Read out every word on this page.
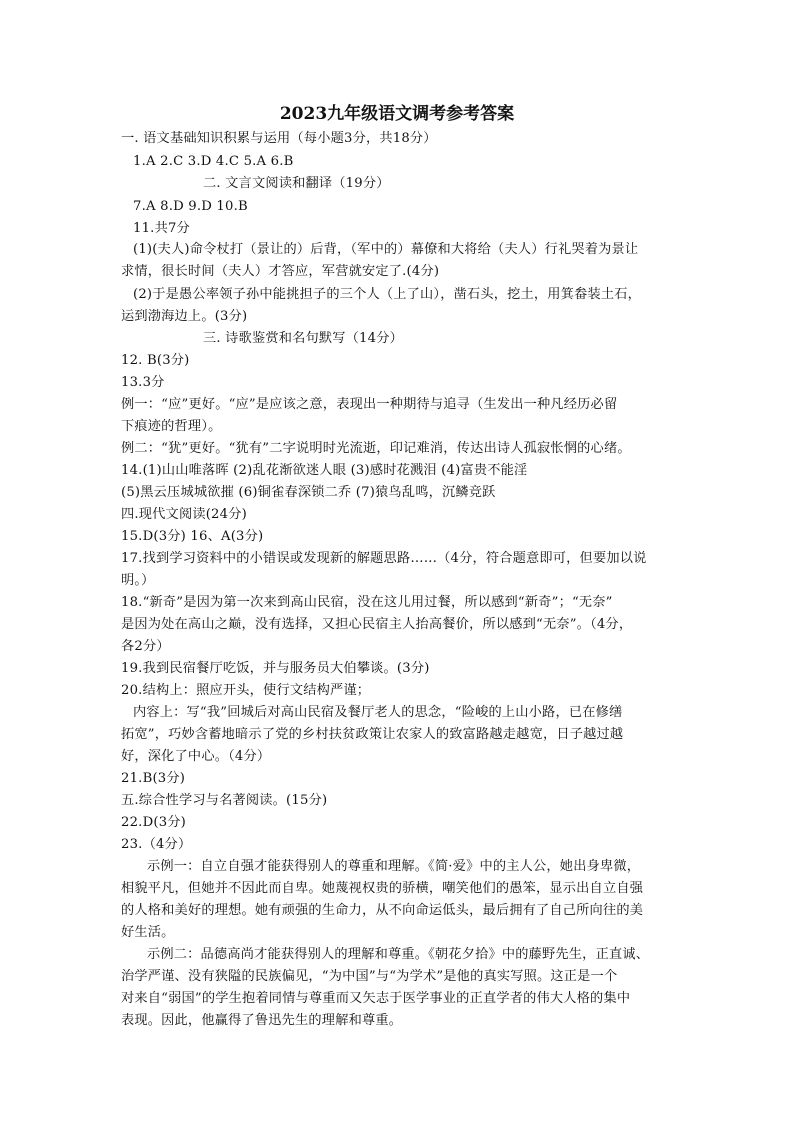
2023九年级语文调考参考答案
一. 语文基础知识积累与运用（每小题3分，共18分）
1.A 2.C 3.D 4.C 5.A 6.B
二. 文言文阅读和翻译（19分）
7.A 8.D 9.D 10.B
11.共7分
(1)(夫人)命令杖打（景让的）后背，（军中的）幕僚和大将给（夫人）行礼哭着为景让
求情，很长时间（夫人）才答应，军营就安定了.(4分)
(2)于是愚公率领子孙中能挑担子的三个人（上了山），凿石头，挖土，用箕畚装土石，
运到渤海边上。(3分)
三. 诗歌鉴赏和名句默写（14分）
12. B(3分)
13.3分
例一：“应”更好。“应”是应该之意，表现出一种期待与追寻（生发出一种凡经历必留
下痕迹的哲理）。
例二：“犹”更好。“犹有”二字说明时光流逝，印记难消，传达出诗人孤寂怅惘的心绪。
14.(1)山山唯落晖 (2)乱花渐欲迷人眼 (3)感时花溅泪 (4)富贵不能淫
(5)黑云压城城欲摧 (6)铜雀春深锁二乔 (7)猿鸟乱鸣，沉鳞竞跃
四.现代文阅读(24分)
15.D(3分) 16、A(3分)
17.找到学习资料中的小错误或发现新的解题思路……（4分，符合题意即可，但要加以说
明。）
18.“新奇”是因为第一次来到高山民宿，没在这儿用过餐，所以感到“新奇”；“无奈”
是因为处在高山之巅，没有选择，又担心民宿主人抬高餐价，所以感到“无奈”。（4分，
各2分）
19.我到民宿餐厅吃饭，并与服务员大伯攀谈。(3分)
20.结构上：照应开头，使行文结构严谨；
内容上：写“我”回城后对高山民宿及餐厅老人的思念，“险峻的上山小路，已在修缮
拓宽”，巧妙含蓄地暗示了党的乡村扶贫政策让农家人的致富路越走越宽，日子越过越
好，深化了中心。（4分）
21.B(3分)
五.综合性学习与名著阅读。(15分)
22.D(3分)
23.（4分）
示例一：自立自强才能获得别人的尊重和理解。《简·爱》中的主人公，她出身卑微，
相貌平凡，但她并不因此而自卑。她蔑视权贵的骄横，嘲笑他们的愚笨，显示出自立自强
的人格和美好的理想。她有顽强的生命力，从不向命运低头，最后拥有了自己所向往的美
好生活。
示例二：品德高尚才能获得别人的理解和尊重。《朝花夕拾》中的藤野先生，正直诚、
治学严谨、没有狭隘的民族偏见，“为中国”与“为学术”是他的真实写照。这正是一个
对来自“弱国”的学生抱着同情与尊重而又矢志于医学事业的正直学者的伟大人格的集中
表现。因此，他赢得了鲁迅先生的理解和尊重。
